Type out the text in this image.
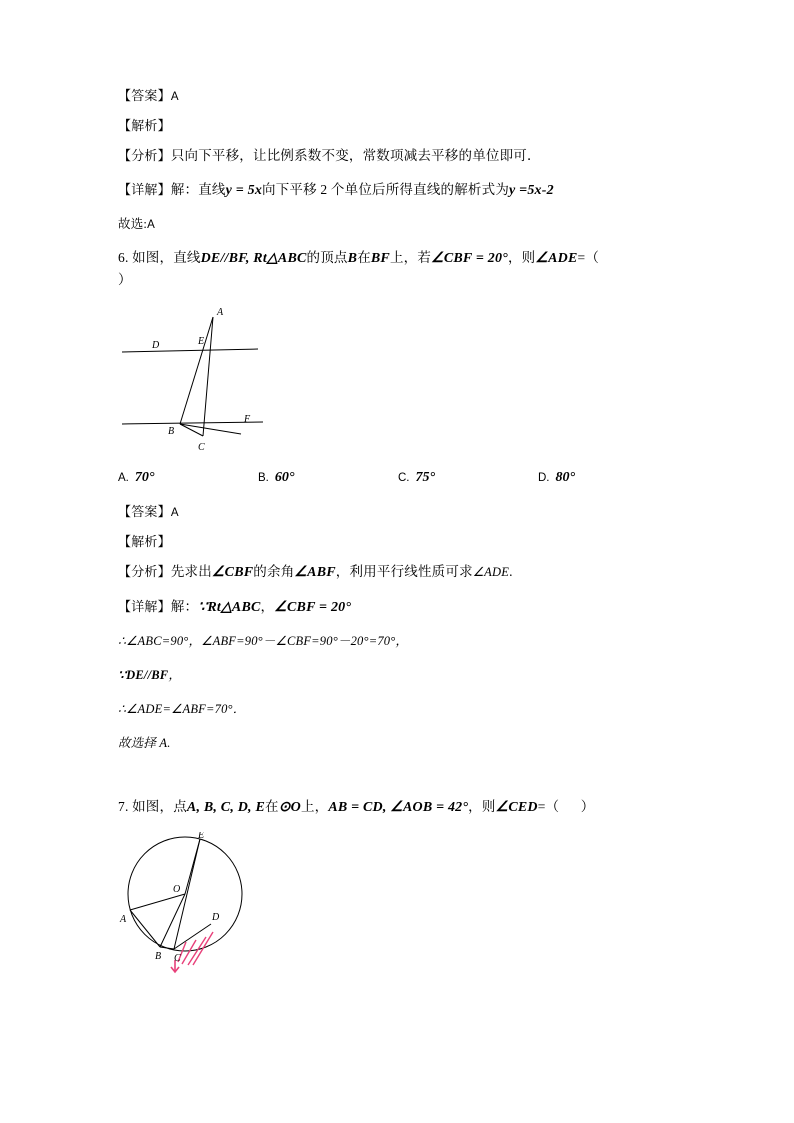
【答案】A
【解析】
【分析】只向下平移，让比例系数不变，常数项减去平移的单位即可．
【详解】解：直线y = 5x向下平移 2 个单位后所得直线的解析式为y =5x-2
故选:A
6. 如图，直线DE//BF, Rt△ABC的顶点B在BF上，若∠CBF = 20°，则∠ADE=（
）
A
D	E
B
C
F
A. 70°	B. 60°	C. 75°	D. 80°
【答案】A
【解析】
【分析】先求出∠CBF的余角∠ABF，利用平行线性质可求∠ADE.
【详解】解：∵Rt△ABC，∠CBF = 20°
∴∠ABC=90°，∠ABF=90°－∠CBF=90°－20°=70°，
∵DE//BF，
∴∠ADE=∠ABF=70°．
故选择 A.
7. 如图，点A, B, C, D, E在⊙O上，AB = CD, ∠AOB = 42°，则∠CED=（ ）
E
O
D
A
B C
